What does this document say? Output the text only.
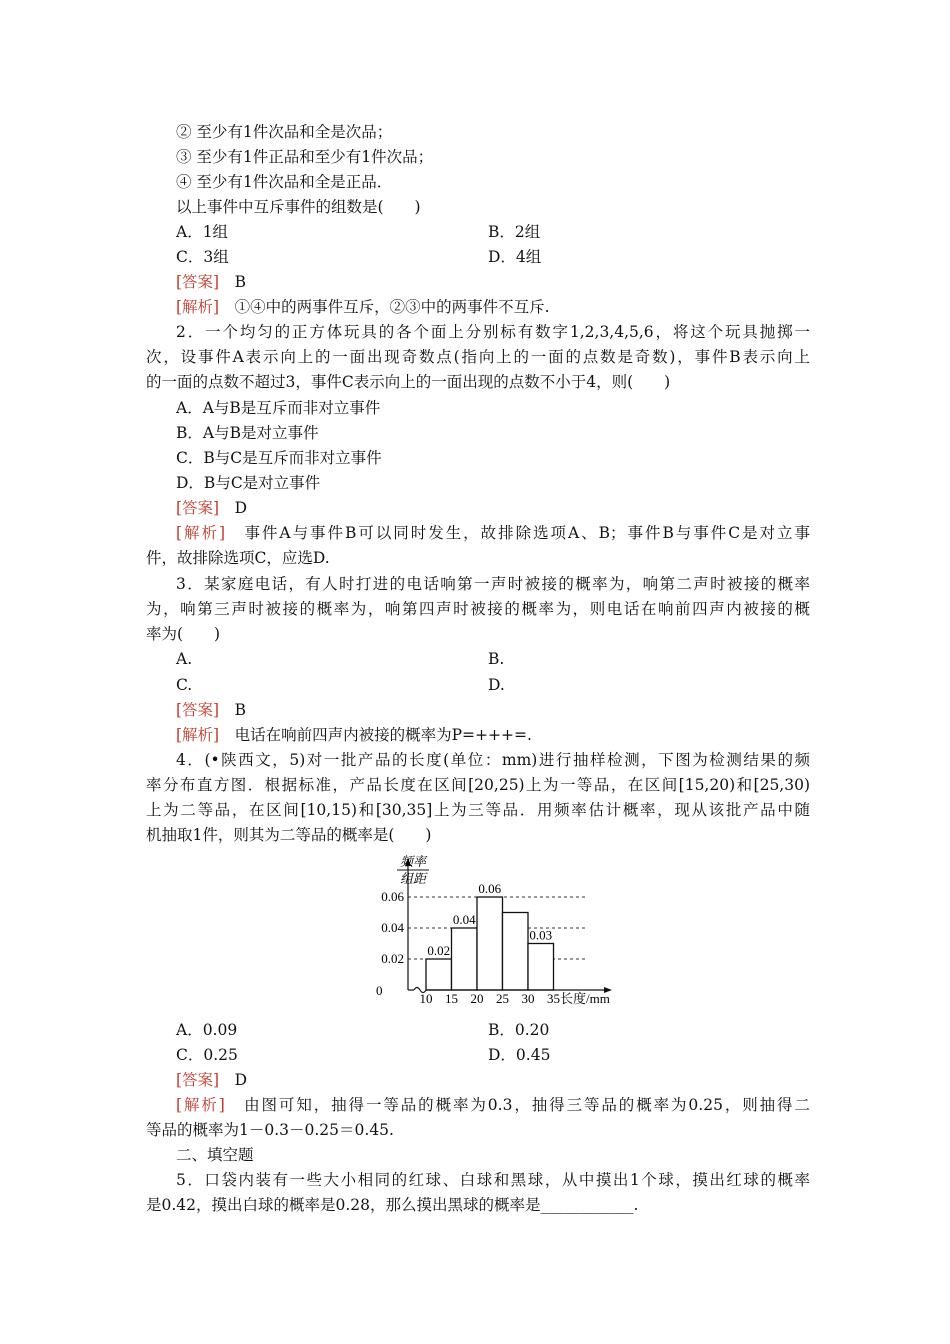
② 至少有1件次品和全是次品；
③ 至少有1件正品和至少有1件次品；
④ 至少有1件次品和全是正品．
以上事件中互斥事件的组数是(　　)
A．1组	B．2组
C．3组	D．4组
[答案]　 B
[解析]　 ①④中的两事件互斥，②③中的两事件不互斥.
2．一个均匀的正方体玩具的各个面上分别标有数字1,2,3,4,5,6，将这个玩具抛掷一
次，设事件A表示向上的一面出现奇数点(指向上的一面的点数是奇数)，事件B表示向上
的一面的点数不超过3，事件C表示向上的一面出现的点数不小于4，则(　　)
A．A与B是互斥而非对立事件
B．A与B是对立事件
C．B与C是互斥而非对立事件
D．B与C是对立事件
[答案]　 D
[解析]　 事件A与事件B可以同时发生，故排除选项A、B；事件B与事件C是对立事
件，故排除选项C，应选D.
3．某家庭电话，有人时打进的电话响第一声时被接的概率为，响第二声时被接的概率
为，响第三声时被接的概率为，响第四声时被接的概率为，则电话在响前四声内被接的概
率为(　　)
A.	B.
C.	D.
[答案]　 B
[解析]　 电话在响前四声内被接的概率为P=+++=.
4．(•陕西文，5)对一批产品的长度(单位：mm)进行抽样检测，下图为检测结果的频
率分布直方图．根据标准，产品长度在区间[20,25)上为一等品，在区间[15,20)和[25,30)
上为二等品，在区间[10,15)和[30,35]上为三等品．用频率估计概率，现从该批产品中随
机抽取1件，则其为二等品的概率是(　　)
频率
组距
长度/mm
0
0.02
0.04
0.06
0.02
0.04
0.06
0.03
10 15 20 25 30 35
A．0.09	B．0.20
C．0.25	D．0.45
[答案]　 D
[解析]　 由图可知，抽得一等品的概率为0.3，抽得三等品的概率为0.25，则抽得二
等品的概率为1－0.3－0.25＝0.45.
二、填空题
5．口袋内装有一些大小相同的红球、白球和黑球，从中摸出1个球，摸出红球的概率
是0.42，摸出白球的概率是0.28，那么摸出黑球的概率是____________.
